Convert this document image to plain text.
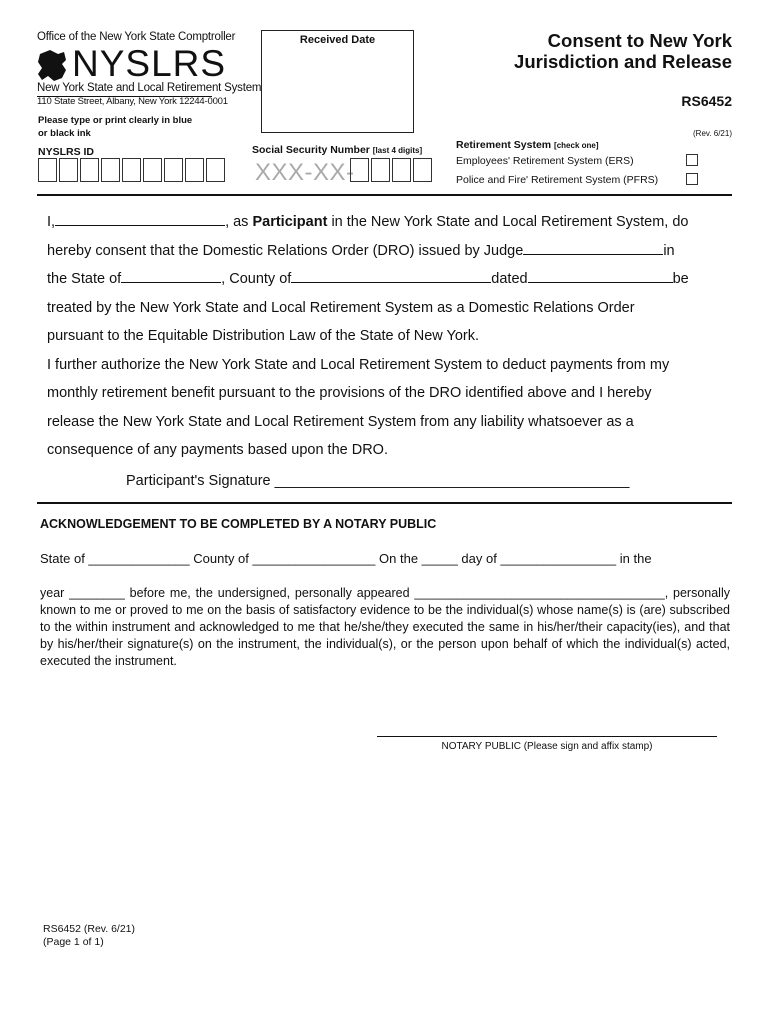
Office of the New York State Comptroller
NYSLRS
New York State and Local Retirement System
110 State Street, Albany, New York 12244-0001
Please type or print clearly in blue or black ink
NYSLRS ID
Received Date
Social Security Number [last 4 digits]
XXX-XX-
Consent to New York
Jurisdiction and Release
RS6452
(Rev. 6/21)
Retirement System [check one]
Employees' Retirement System (ERS)
Police and Fire' Retirement System (PFRS)

I,	, as Participant in the New York State and Local Retirement System, do

hereby consent that the Domestic Relations Order (DRO) issued by Judge	in

the State of	, County of	dated	be

treated by the New York State and Local Retirement System as a Domestic Relations Order

pursuant to the Equitable Distribution Law of the State of New York.

I further authorize the New York State and Local Retirement System to deduct payments from my

monthly retirement benefit pursuant to the provisions of the DRO identified above and I hereby

release the New York State and Local Retirement System from any liability whatsoever as a

consequence of any payments based upon the DRO.

Participant's Signature ____________________________________________
ACKNOWLEDGEMENT TO BE COMPLETED BY A NOTARY PUBLIC
State of ______________ County of _________________ On the _____ day of ________________ in the
year ________ before me, the undersigned, personally appeared ____________________________________, personally known to me or proved to me on the basis of satisfactory evidence to be the individual(s) whose name(s) is (are) subscribed to the within instrument and acknowledged to me that he/she/they executed the same in his/her/their capacity(ies), and that by his/her/their signature(s) on the instrument, the individual(s), or the person upon behalf of which the individual(s) acted, executed the instrument.
NOTARY PUBLIC (Please sign and affix stamp)
RS6452 (Rev. 6/21)
(Page 1 of 1)
